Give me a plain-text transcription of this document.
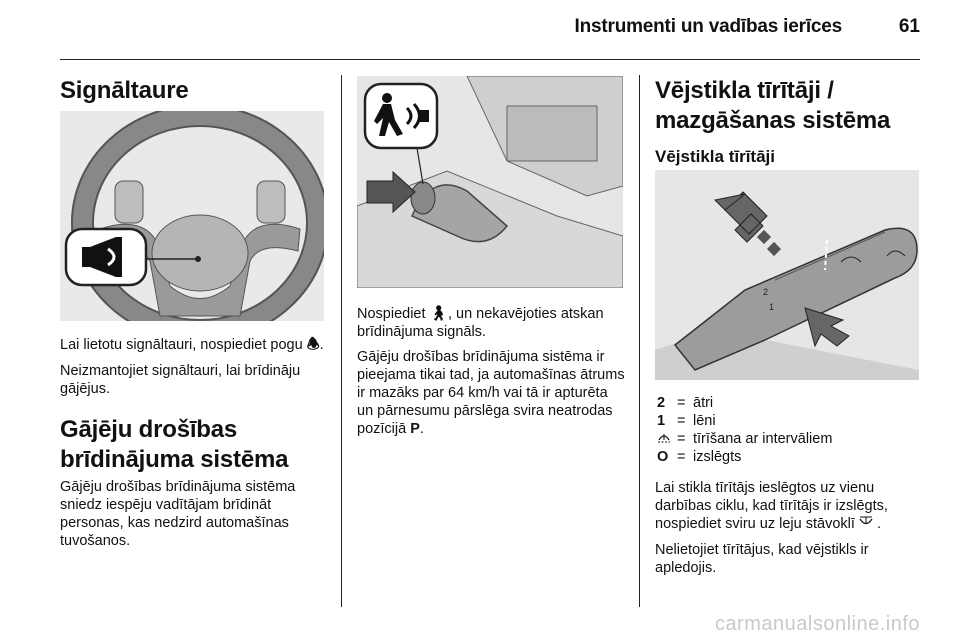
Instrumenti un vadības ierīces	61
Signāltaure

Lai lietotu signāltauri, nospiediet pogu 🕭︎.

Neizmantojiet signāltauri, lai brīdināju gājējus.

Gājēju drošības
brīdinājuma sistēma

Gājēju drošības brīdinājuma sistēma sniedz iespēju vadītājam brīdināt personas, kas nedzird automašīnas tuvošanos.

Nospiediet 🚶︎, un nekavējoties atskan brīdinājuma signāls.

Gājēju drošības brīdinājuma sistēma ir pieejama tikai tad, ja automašīnas ātrums ir mazāks par 64 km/h vai tā ir apturēta un pārnesumu pārslēga svira neatrodas pozīcijā P.

Vējstikla tīrītāji /
mazgāšanas sistēma
Vējstikla tīrītāji
2
1
2 = ātri
1 = lēni
= tīrīšana ar intervāliem
O = izslēgts

Lai stikla tīrītājs ieslēgtos uz vienu darbības ciklu, kad tīrītājs ir izslēgts, nospiediet sviru uz leju stāvoklī .

Nelietojiet tīrītājus, kad vējstikls ir apledojis.

carmanualsonline.info
